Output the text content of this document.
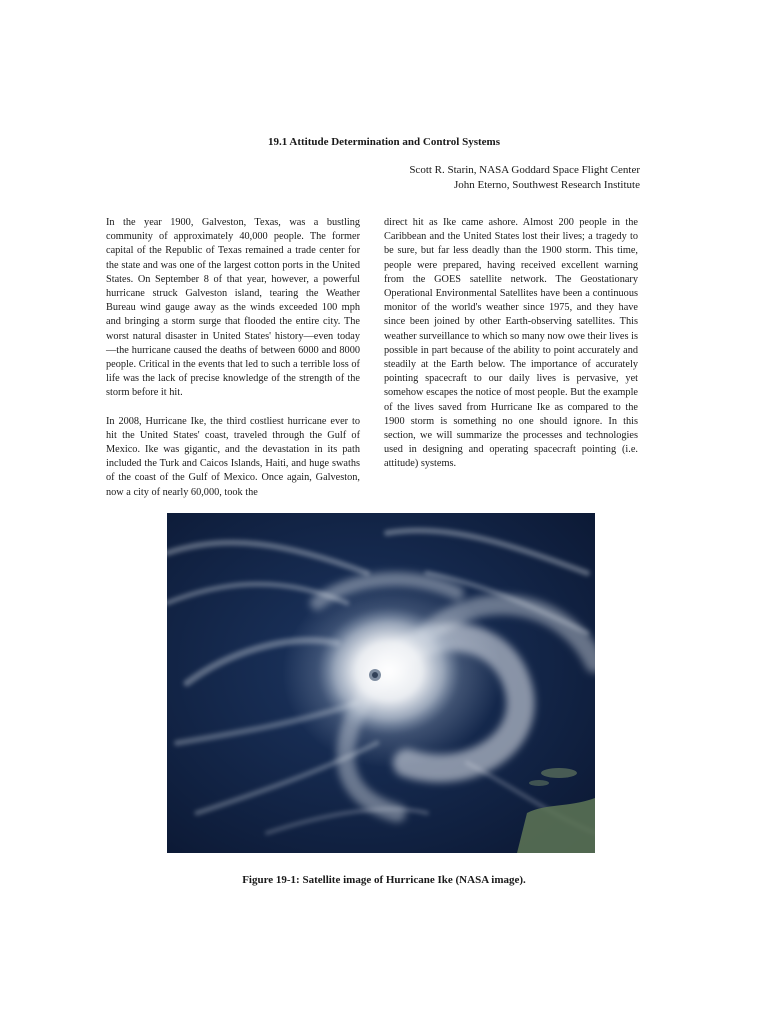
19.1 Attitude Determination and Control Systems
Scott R. Starin, NASA Goddard Space Flight Center
John Eterno, Southwest Research Institute

In the year 1900, Galveston, Texas, was a bustling community of approximately 40,000 people. The former capital of the Republic of Texas remained a trade center for the state and was one of the largest cotton ports in the United States. On September 8 of that year, however, a powerful hurricane struck Galveston island, tearing the Weather Bureau wind gauge away as the winds exceeded 100 mph and bringing a storm surge that flooded the entire city. The worst natural disaster in United States' history—even today—the hurricane caused the deaths of between 6000 and 8000 people. Critical in the events that led to such a terrible loss of life was the lack of precise knowledge of the strength of the storm before it hit.

In 2008, Hurricane Ike, the third costliest hurricane ever to hit the United States' coast, traveled through the Gulf of Mexico. Ike was gigantic, and the devastation in its path included the Turk and Caicos Islands, Haiti, and huge swaths of the coast of the Gulf of Mexico. Once again, Galveston, now a city of nearly 60,000, took the

direct hit as Ike came ashore. Almost 200 people in the Caribbean and the United States lost their lives; a tragedy to be sure, but far less deadly than the 1900 storm. This time, people were prepared, having received excellent warning from the GOES satellite network. The Geostationary Operational Environmental Satellites have been a continuous monitor of the world's weather since 1975, and they have since been joined by other Earth-observing satellites. This weather surveillance to which so many now owe their lives is possible in part because of the ability to point accurately and steadily at the Earth below. The importance of accurately pointing spacecraft to our daily lives is pervasive, yet somehow escapes the notice of most people. But the example of the lives saved from Hurricane Ike as compared to the 1900 storm is something no one should ignore. In this section, we will summarize the processes and technologies used in designing and operating spacecraft pointing (i.e. attitude) systems.

Figure 19-1: Satellite image of Hurricane Ike (NASA image).
